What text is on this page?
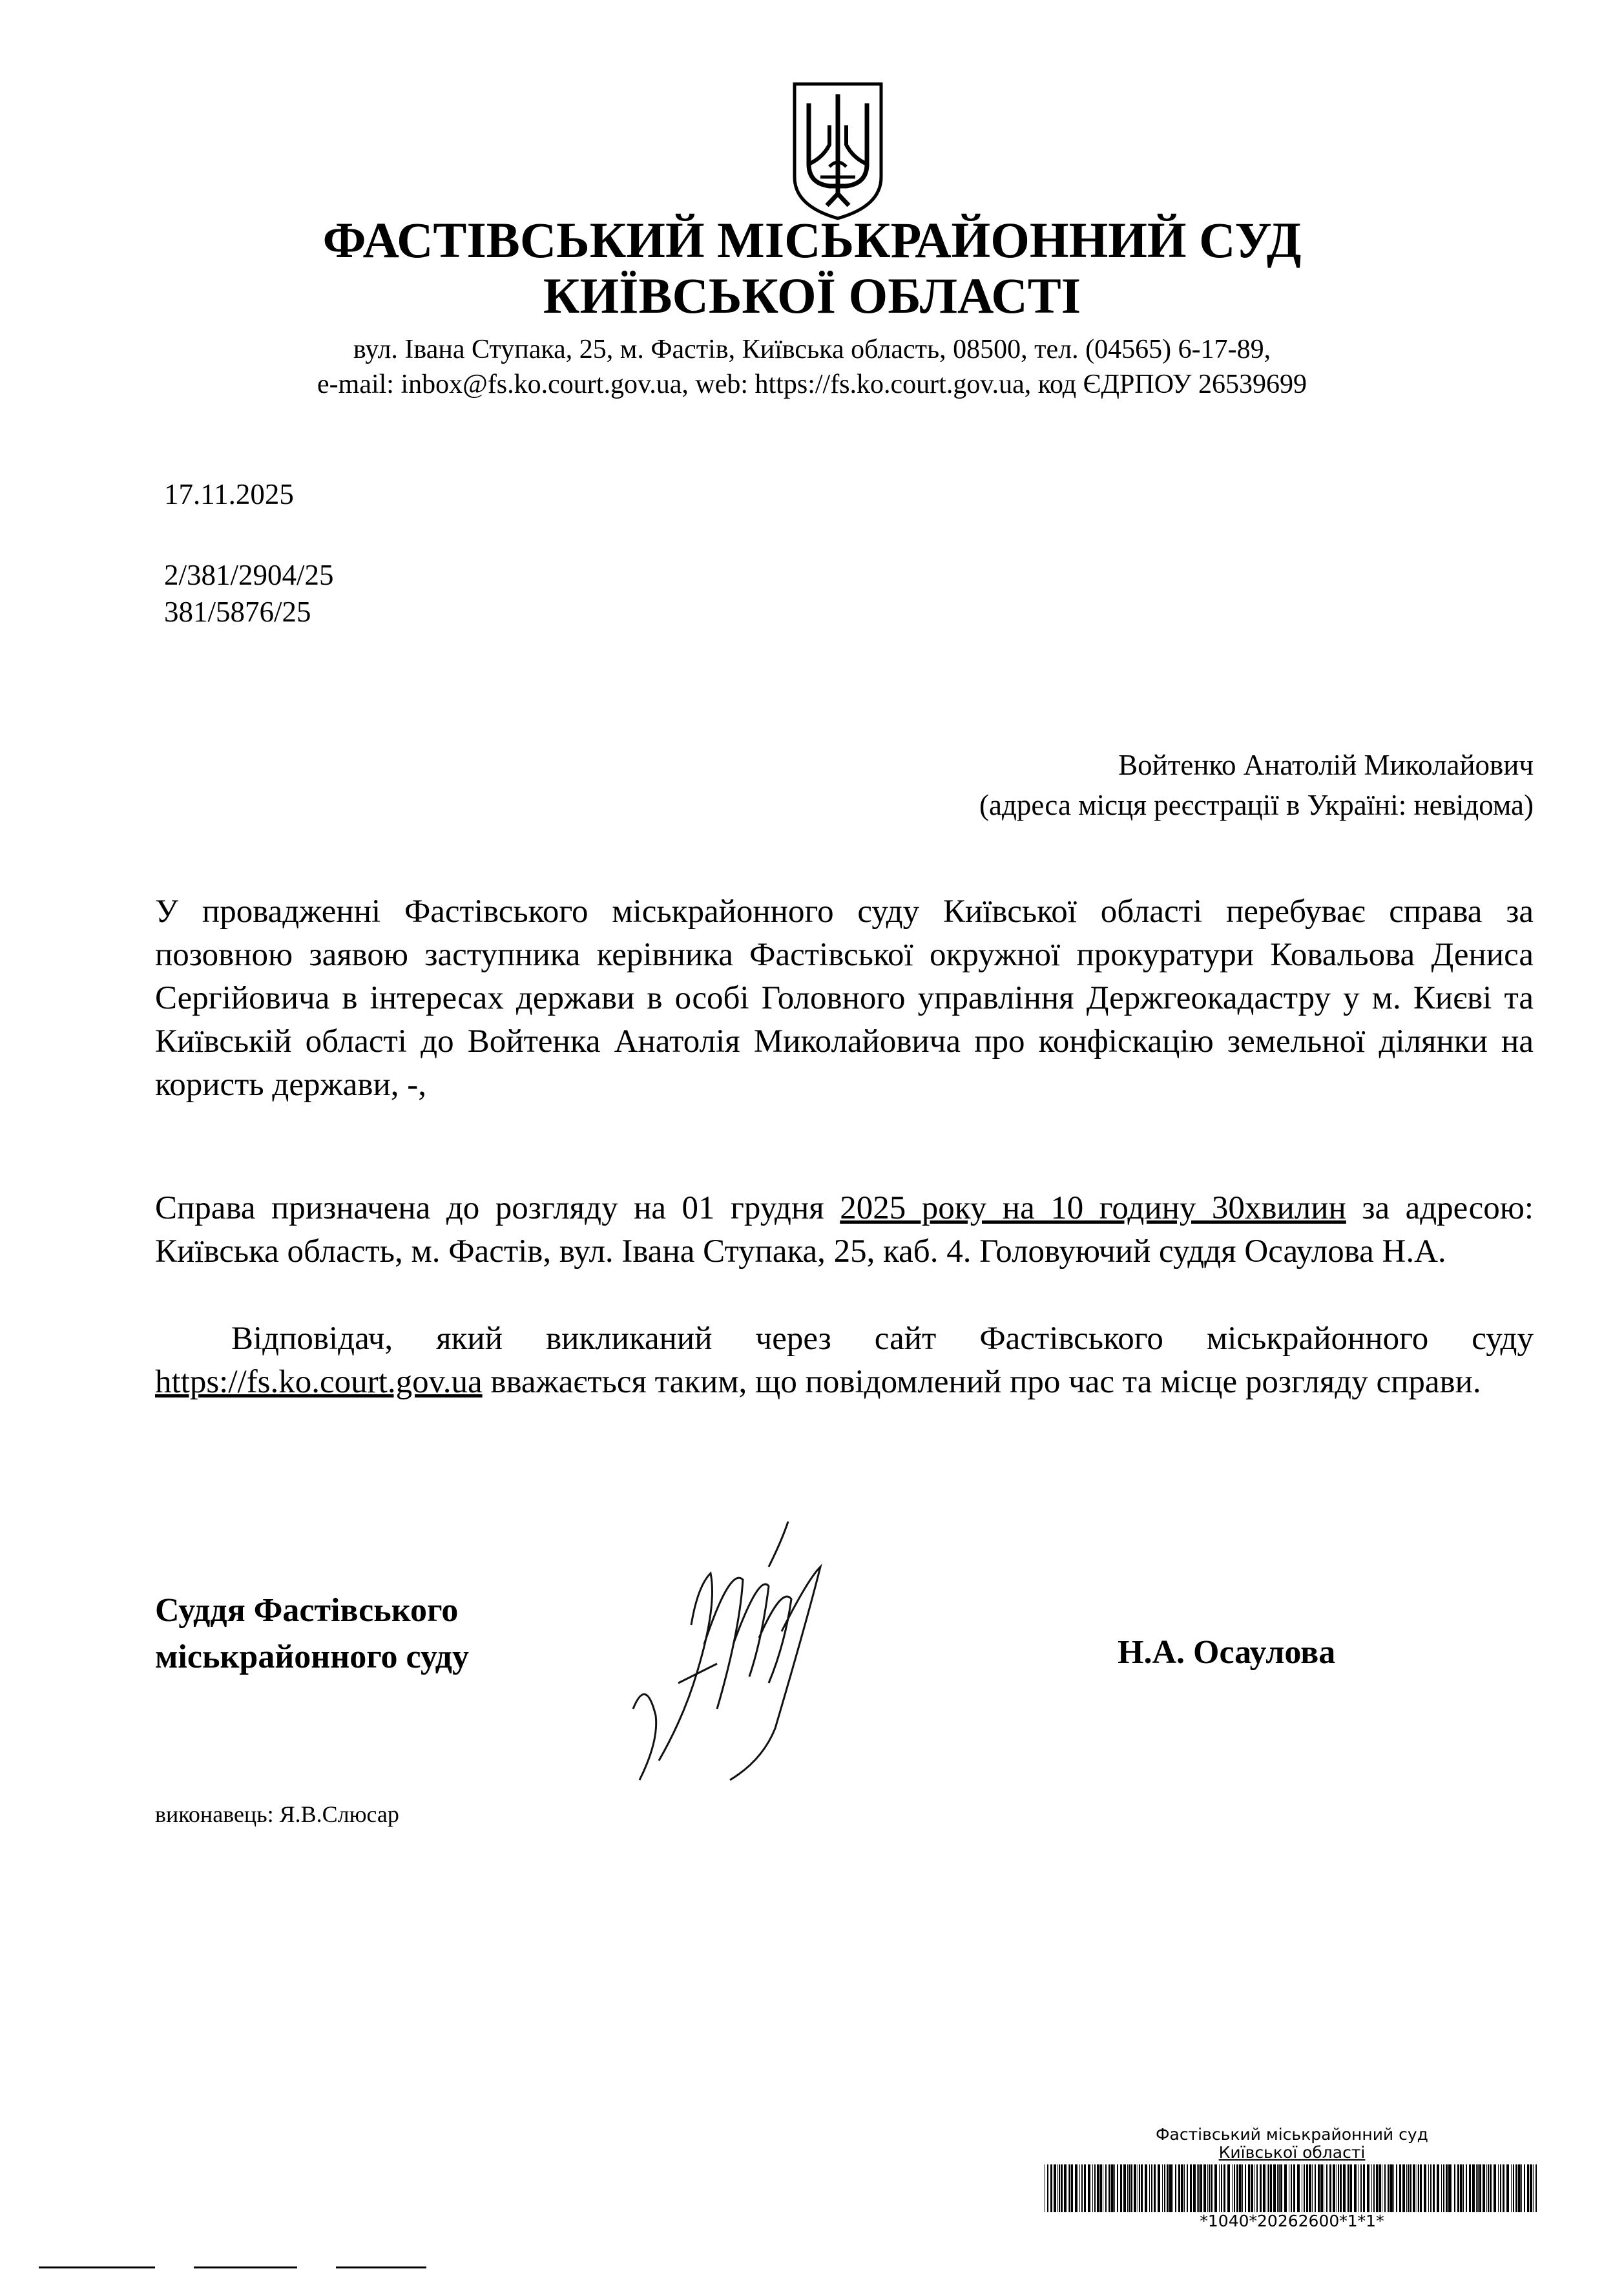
ФАСТІВСЬКИЙ МІСЬКРАЙОННИЙ СУД
КИЇВСЬКОЇ ОБЛАСТІ
вул. Івана Ступака, 25, м. Фастів, Київська область, 08500, тел. (04565) 6-17-89,
e-mail: inbox@fs.ko.court.gov.ua, web: https://fs.ko.court.gov.ua, код ЄДРПОУ 26539699
17.11.2025
2/381/2904/25
381/5876/25
Войтенко Анатолій Миколайович
(адреса місця реєстрації в Україні: невідома)
У провадженні Фастівського міськрайонного суду Київської області перебуває справа за позовною заявою заступника керівника Фастівської окружної прокуратури Ковальова Дениса Сергійовича в інтересах держави в особі Головного управління Держгеокадастру у м. Києві та Київській області до Войтенка Анатолія Миколайовича про конфіскацію земельної ділянки на користь держави, -,
Справа призначена до розгляду на 01 грудня 2025 року на 10 годину 30хвилин за адресою: Київська область, м. Фастів, вул. Івана Ступака, 25, каб. 4. Головуючий суддя Осаулова Н.А.
Відповідач, який викликаний через сайт Фастівського міськрайонного суду https://fs.ko.court.gov.ua вважається таким, що повідомлений про час та місце розгляду справи.
Суддя Фастівського
міськрайонного суду	Н.А. Осаулова
виконавець: Я.В.Слюсар
Фастівський міськрайонний суд
Київської області
*1040*20262600*1*1*
